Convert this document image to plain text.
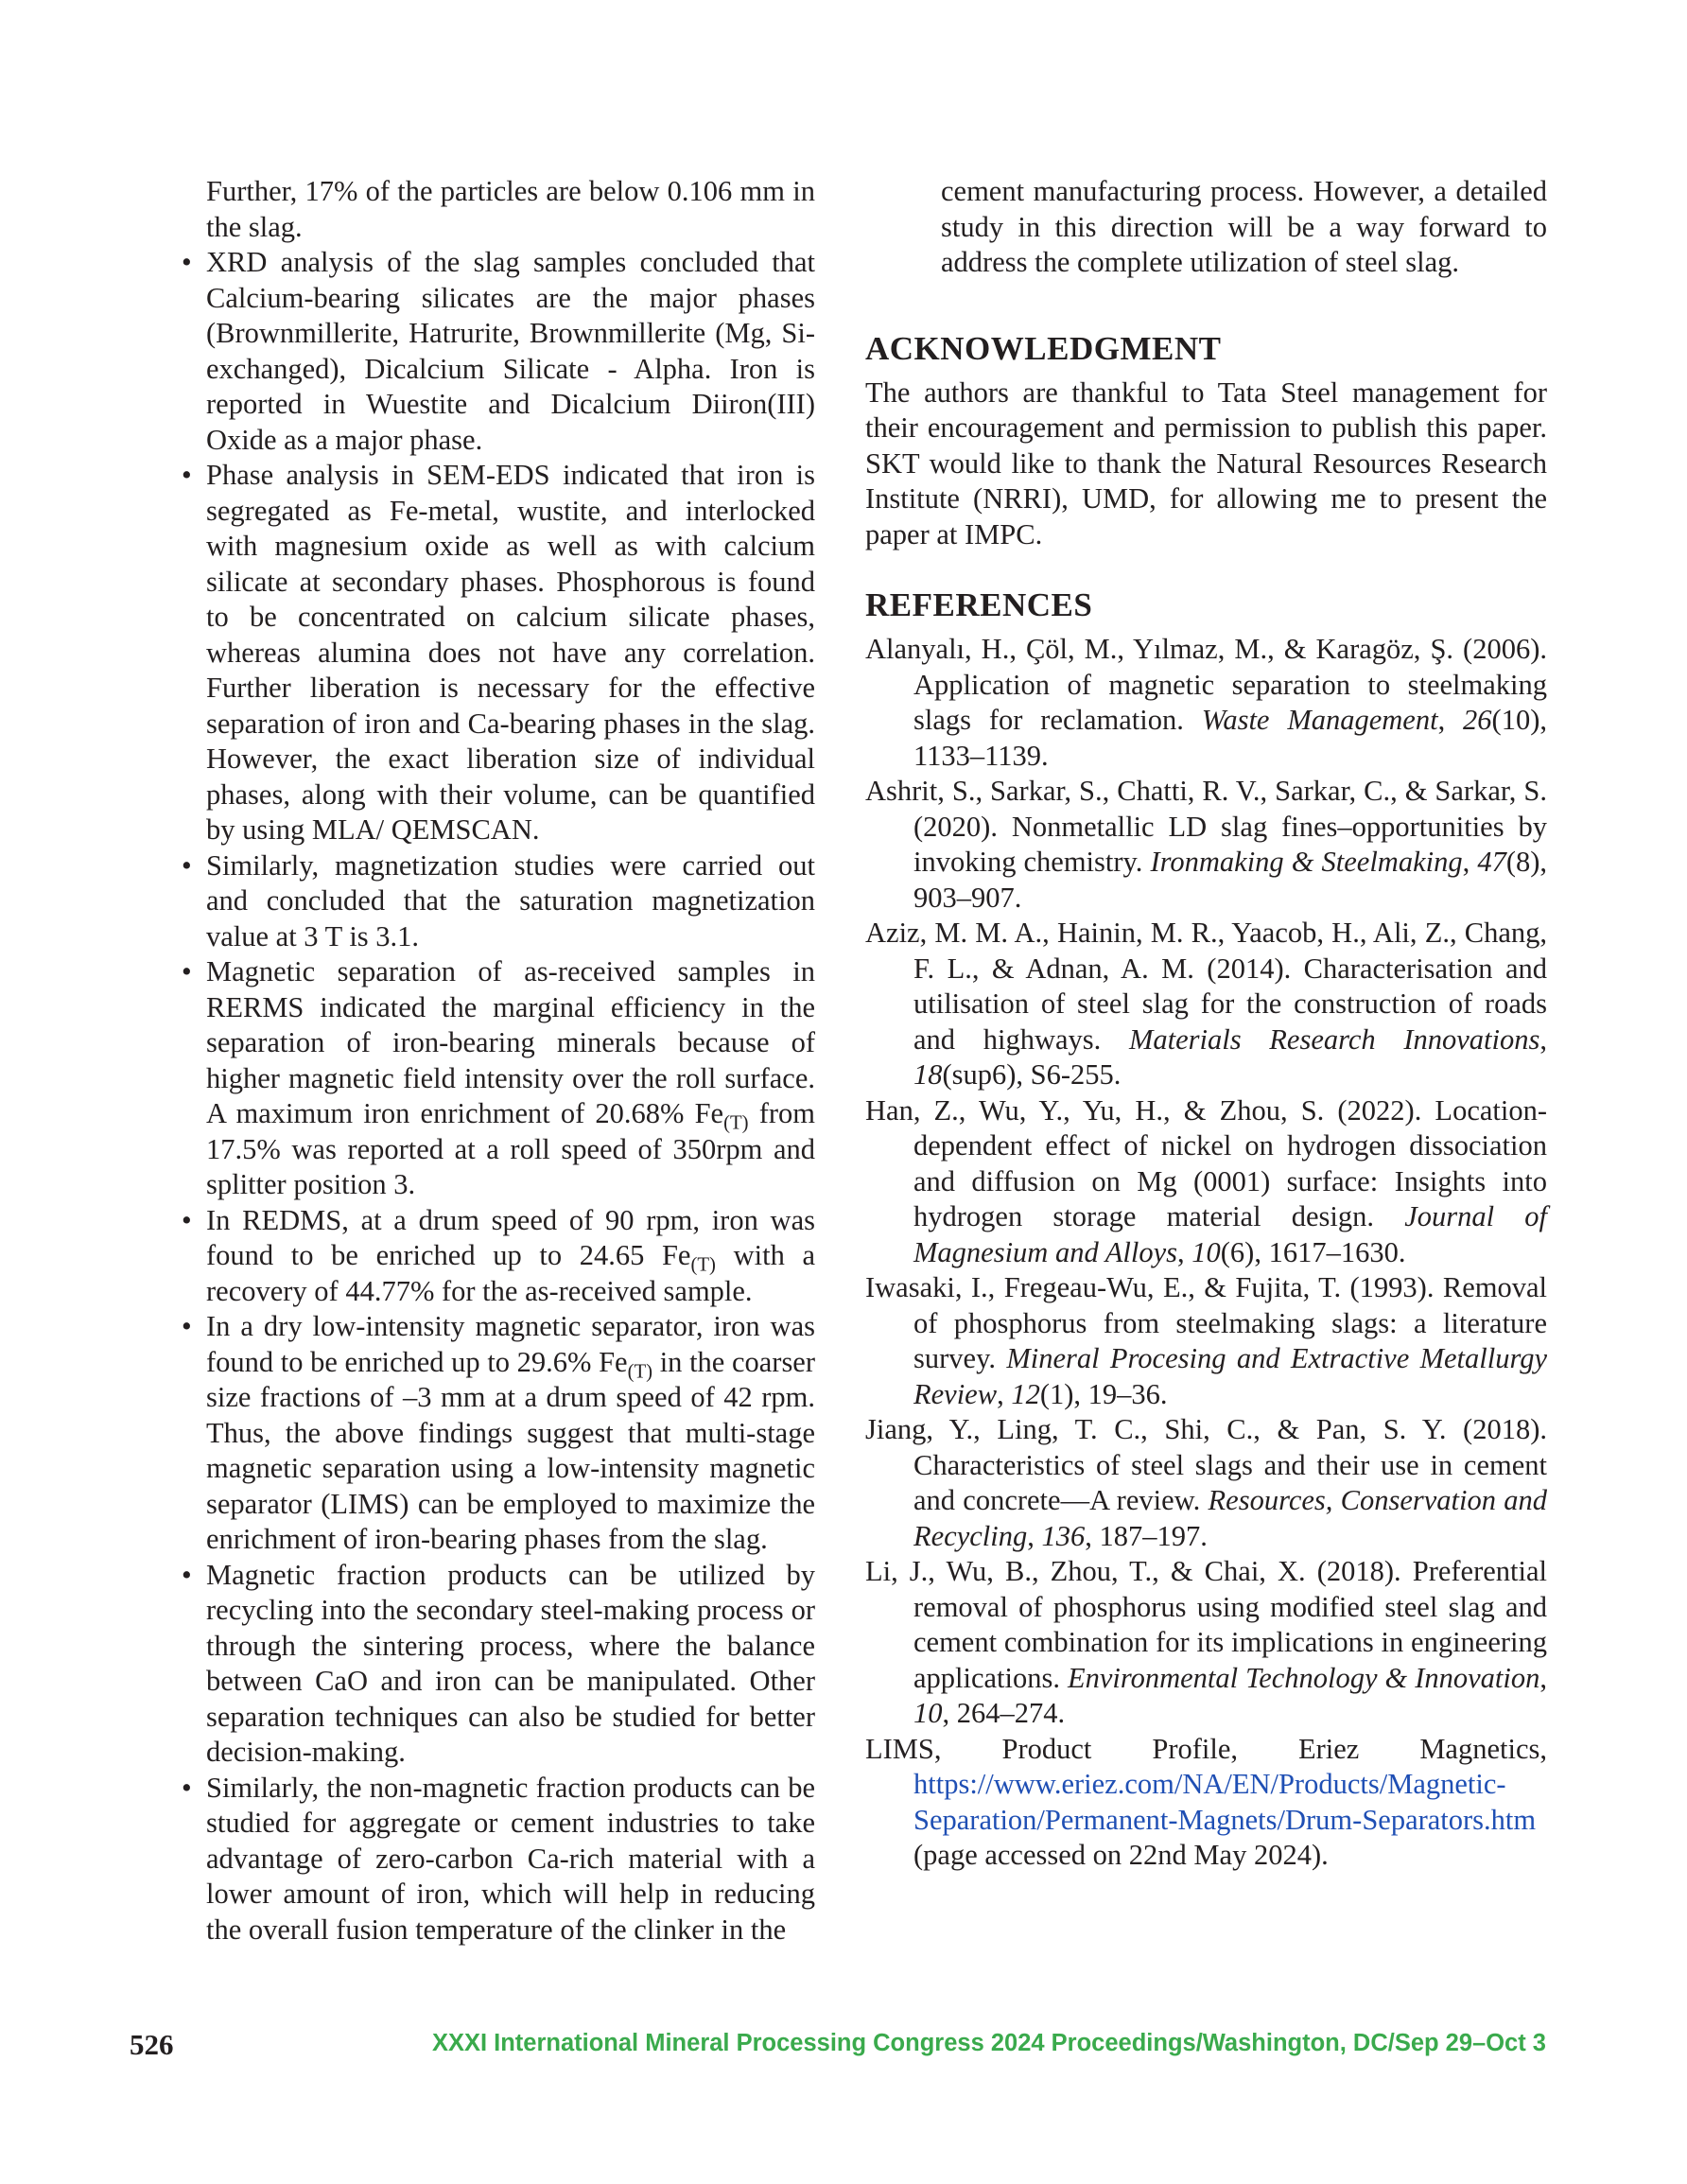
Further, 17% of the particles are below 0.106 mm in the slag.

• XRD analysis of the slag samples concluded that Calcium-bearing silicates are the major phases (Brownmillerite, Hatrurite, Brownmillerite (Mg, Si-exchanged), Dicalcium Silicate - Alpha. Iron is reported in Wuestite and Dicalcium Diiron(III) Oxide as a major phase.
• Phase analysis in SEM-EDS indicated that iron is segregated as Fe-metal, wustite, and interlocked with magnesium oxide as well as with calcium silicate at secondary phases. Phosphorous is found to be concentrated on calcium silicate phases, whereas alumina does not have any correlation. Further liberation is necessary for the effective separation of iron and Ca-bearing phases in the slag. However, the exact liberation size of individual phases, along with their volume, can be quantified by using MLA/ QEMSCAN.
• Similarly, magnetization studies were carried out and concluded that the saturation magnetization value at 3 T is 3.1.
• Magnetic separation of as-received samples in RERMS indicated the marginal efficiency in the separation of iron-bearing minerals because of higher magnetic field intensity over the roll surface. A maximum iron enrichment of 20.68% $Fe_{(T)}$ from 17.5% was reported at a roll speed of 350rpm and splitter position 3.
• In REDMS, at a drum speed of 90 rpm, iron was found to be enriched up to 24.65 $Fe_{(T)}$ with a recovery of 44.77% for the as-received sample.
• In a dry low-intensity magnetic separator, iron was found to be enriched up to 29.6% $Fe_{(T)}$ in the coarser size fractions of –3 mm at a drum speed of 42 rpm. Thus, the above findings suggest that multi-stage magnetic separation using a low-intensity magnetic separator (LIMS) can be employed to maximize the enrichment of iron-bearing phases from the slag.
• Magnetic fraction products can be utilized by recycling into the secondary steel-making process or through the sintering process, where the balance between CaO and iron can be manipulated. Other separation techniques can also be studied for better decision-making.
• Similarly, the non-magnetic fraction products can be studied for aggregate or cement industries to take advantage of zero-carbon Ca-rich material with a lower amount of iron, which will help in reducing the overall fusion temperature of the clinker in the

cement manufacturing process. However, a detailed study in this direction will be a way forward to address the complete utilization of steel slag.

ACKNOWLEDGMENT

The authors are thankful to Tata Steel management for their encouragement and permission to publish this paper. SKT would like to thank the Natural Resources Research Institute (NRRI), UMD, for allowing me to present the paper at IMPC.

REFERENCES
Alanyalı, H., Çöl, M., Yılmaz, M., & Karagöz, Ş. (2006). Application of magnetic separation to steelmaking slags for reclamation. Waste Management, 26(10), 1133–1139.
Ashrit, S., Sarkar, S., Chatti, R. V., Sarkar, C., & Sarkar, S. (2020). Nonmetallic LD slag fines–opportunities by invoking chemistry. Ironmaking & Steelmaking, 47(8), 903–907.
Aziz, M. M. A., Hainin, M. R., Yaacob, H., Ali, Z., Chang, F. L., & Adnan, A. M. (2014). Characterisation and utilisation of steel slag for the construction of roads and highways. Materials Research Innovations, 18(sup6), S6-255.
Han, Z., Wu, Y., Yu, H., & Zhou, S. (2022). Location-dependent effect of nickel on hydrogen dissociation and diffusion on Mg (0001) surface: Insights into hydrogen storage material design. Journal of Magnesium and Alloys, 10(6), 1617–1630.
Iwasaki, I., Fregeau-Wu, E., & Fujita, T. (1993). Removal of phosphorus from steelmaking slags: a literature survey. Mineral Procesing and Extractive Metallurgy Review, 12(1), 19–36.
Jiang, Y., Ling, T. C., Shi, C., & Pan, S. Y. (2018). Characteristics of steel slags and their use in cement and concrete—A review. Resources, Conservation and Recycling, 136, 187–197.
Li, J., Wu, B., Zhou, T., & Chai, X. (2018). Preferential removal of phosphorus using modified steel slag and cement combination for its implications in engineering applications. Environmental Technology & Innovation, 10, 264–274.
LIMS, Product Profile, Eriez Magnetics, https://www.eriez.com/NA/EN/Products/Magnetic-Separation/Permanent-Magnets/Drum-Separators.htm (page accessed on 22nd May 2024).
526	XXXI International Mineral Processing Congress 2024 Proceedings/Washington, DC/Sep 29–Oct 3
